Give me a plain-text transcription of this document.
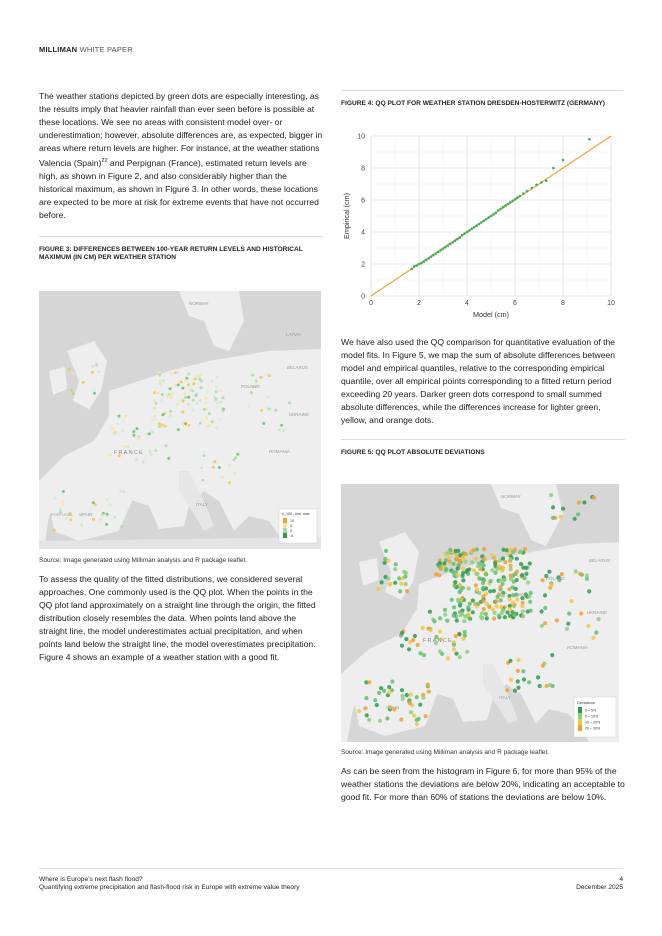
MILLIMAN WHITE PAPER

The weather stations depicted by green dots are especially interesting, as the results imply that heavier rainfall than ever seen before is possible at these locations. We see no areas with consistent model over- or underestimation; however, absolute differences are, as expected, bigger in areas where return levels are higher. For instance, at the weather stations Valencia (Spain)$^{22}$ and Perpignan (France), estimated return levels are high, as shown in Figure 2, and also considerably higher than the historical maximum, as shown in Figure 3. In other words, these locations are expected to be more at risk for extreme events that have not occurred before.

FIGURE 3: DIFFERENCES BETWEEN 100-YEAR RETURN LEVELS AND HISTORICAL MAXIMUM (IN CM) PER WEATHER STATION
FRANCE
POLAND
BELARUS
UKRAINE
ROMANIA
SPAIN
PORTUGAL
ITALY
LATVIA
NORWAY
rl_100 - hist. max
10
5
0
-5
Source: Image generated using Milliman analysis and R package leaflet.

To assess the quality of the fitted distributions, we considered several approaches. One commonly used is the QQ plot. When the points in the QQ plot land approximately on a straight line through the origin, the fitted distribution closely resembles the data. When points land above the straight line, the model underestimates actual precipitation, and when points land below the straight line, the model overestimates precipitation. Figure 4 shows an example of a weather station with a good fit.

FIGURE 4: QQ PLOT FOR WEATHER STATION DRESDEN-HOSTERWITZ (GERMANY)
0	2	4	6	8	10
0
2
4
6
8
10
Model (cm)
Empirical (cm)

We have also used the QQ comparison for quantitative evaluation of the model fits. In Figure 5, we map the sum of absolute differences between model and empirical quantiles, relative to the corresponding empirical quantile, over all empirical points corresponding to a fitted return period exceeding 20 years. Darker green dots correspond to small summed absolute differences, while the differences increase for lighter green, yellow, and orange dots.

FIGURE 5: QQ PLOT ABSOLUTE DEVIATIONS
FRANCE
POLAND
BELARUS
UKRAINE
ROMANIA
SPAIN
ITALY
CESKO
NORWAY
Deviations
0 – 5%
5 – 10%
10 – 20%
20 – 30%
Source: Image generated using Milliman analysis and R package leaflet.

As can be seen from the histogram in Figure 6, for more than 95% of the weather stations the deviations are below 20%, indicating an acceptable to good fit. For more than 60% of stations the deviations are below 10%.

Where is Europe’s next flash flood?
Quantifying extreme precipitation and flash-flood risk in Europe with extreme value theory
4
December 2025
